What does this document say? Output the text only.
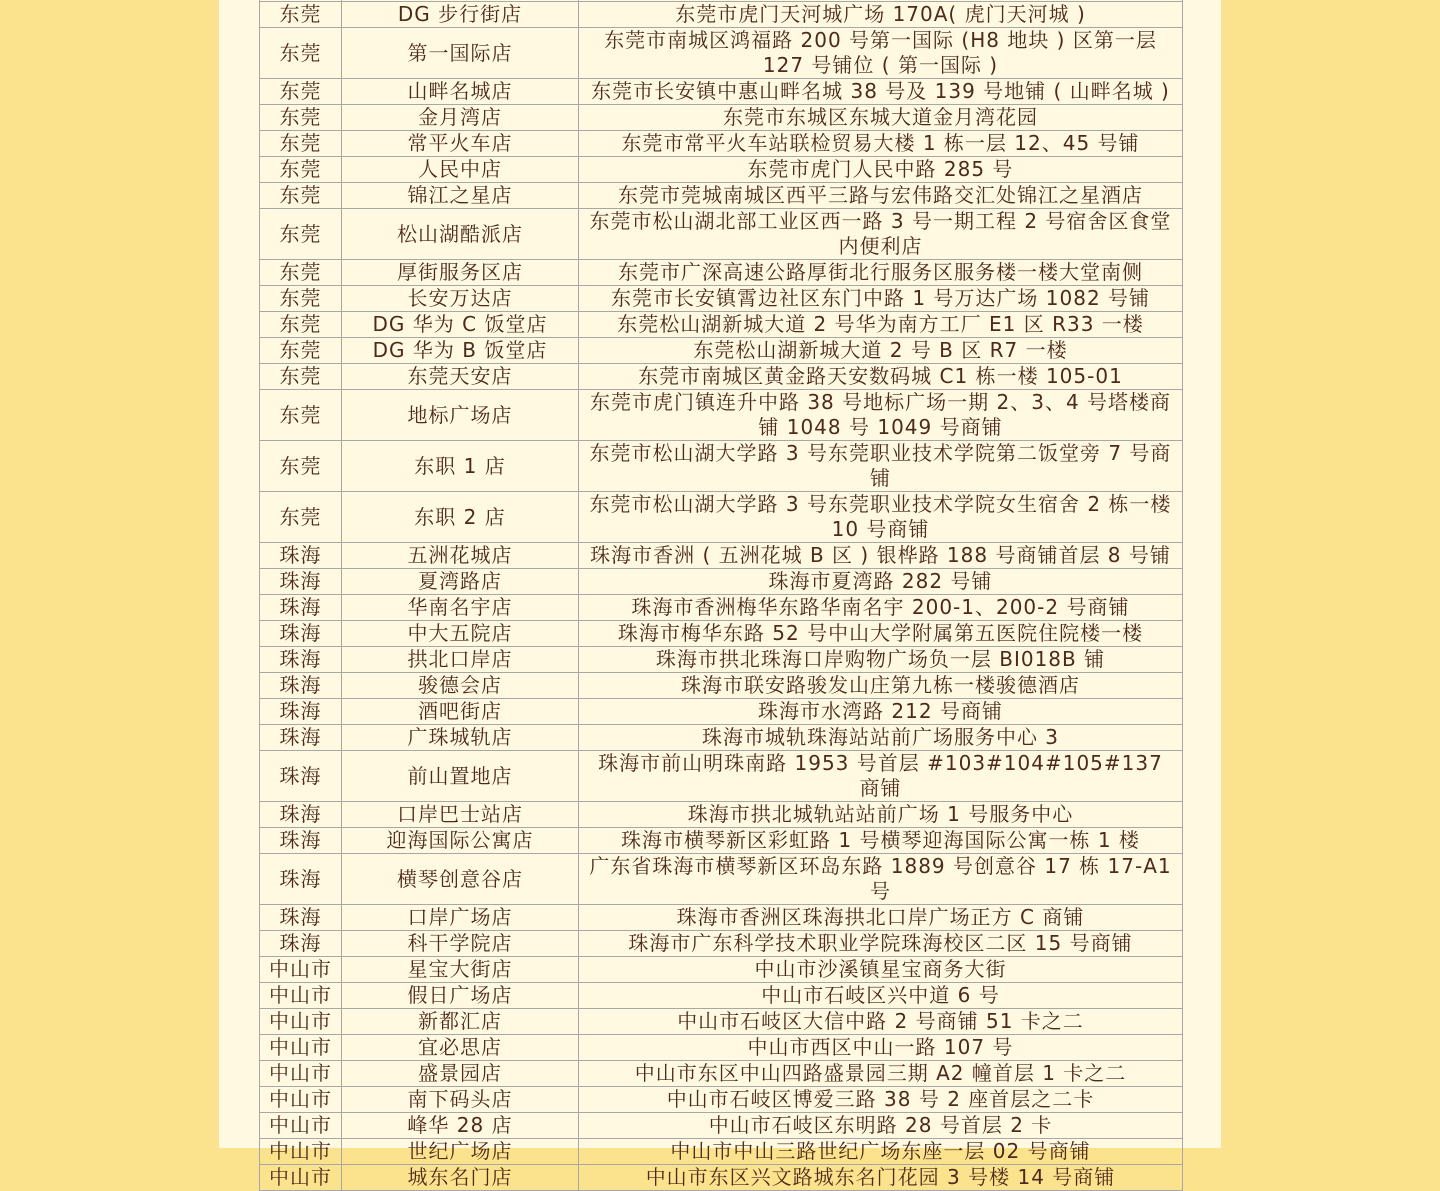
东莞	DG 步行街店	东莞市虎门天河城广场 170A( 虎门天河城 )
东莞	第一国际店	东莞市南城区鸿福路 200 号第一国际 (H8 地块 ) 区第一层 127 号铺位 ( 第一国际 )
东莞	山畔名城店	东莞市长安镇中惠山畔名城 38 号及 139 号地铺 ( 山畔名城 )
东莞	金月湾店	东莞市东城区东城大道金月湾花园
东莞	常平火车店	东莞市常平火车站联检贸易大楼 1 栋一层 12、45 号铺
东莞	人民中店	东莞市虎门人民中路 285 号
东莞	锦江之星店	东莞市莞城南城区西平三路与宏伟路交汇处锦江之星酒店
东莞	松山湖酷派店	东莞市松山湖北部工业区西一路 3 号一期工程 2 号宿舍区食堂内便利店
东莞	厚街服务区店	东莞市广深高速公路厚街北行服务区服务楼一楼大堂南侧
东莞	长安万达店	东莞市长安镇霄边社区东门中路 1 号万达广场 1082 号铺
东莞	DG 华为 C 饭堂店	东莞松山湖新城大道 2 号华为南方工厂 E1 区 R33 一楼
东莞	DG 华为 B 饭堂店	东莞松山湖新城大道 2 号 B 区 R7 一楼
东莞	东莞天安店	东莞市南城区黄金路天安数码城 C1 栋一楼 105-01
东莞	地标广场店	东莞市虎门镇连升中路 38 号地标广场一期 2、3、4 号塔楼商铺 1048 号 1049 号商铺
东莞	东职 1 店	东莞市松山湖大学路 3 号东莞职业技术学院第二饭堂旁 7 号商铺
东莞	东职 2 店	东莞市松山湖大学路 3 号东莞职业技术学院女生宿舍 2 栋一楼 10 号商铺
珠海	五洲花城店	珠海市香洲 ( 五洲花城 B 区 ) 银桦路 188 号商铺首层 8 号铺
珠海	夏湾路店	珠海市夏湾路 282 号铺
珠海	华南名宇店	珠海市香洲梅华东路华南名宇 200-1、200-2 号商铺
珠海	中大五院店	珠海市梅华东路 52 号中山大学附属第五医院住院楼一楼
珠海	拱北口岸店	珠海市拱北珠海口岸购物广场负一层 BI018B 铺
珠海	骏德会店	珠海市联安路骏发山庄第九栋一楼骏德酒店
珠海	酒吧街店	珠海市水湾路 212 号商铺
珠海	广珠城轨店	珠海市城轨珠海站站前广场服务中心 3
珠海	前山置地店	珠海市前山明珠南路 1953 号首层 #103#104#105#137 商铺
珠海	口岸巴士站店	珠海市拱北城轨站站前广场 1 号服务中心
珠海	迎海国际公寓店	珠海市横琴新区彩虹路 1 号横琴迎海国际公寓一栋 1 楼
珠海	横琴创意谷店	广东省珠海市横琴新区环岛东路 1889 号创意谷 17 栋 17-A1 号
珠海	口岸广场店	珠海市香洲区珠海拱北口岸广场正方 C 商铺
珠海	科干学院店	珠海市广东科学技术职业学院珠海校区二区 15 号商铺
中山市	星宝大街店	中山市沙溪镇星宝商务大街
中山市	假日广场店	中山市石岐区兴中道 6 号
中山市	新都汇店	中山市石岐区大信中路 2 号商铺 51 卡之二
中山市	宜必思店	中山市西区中山一路 107 号
中山市	盛景园店	中山市东区中山四路盛景园三期 A2 幢首层 1 卡之二
中山市	南下码头店	中山市石岐区博爱三路 38 号 2 座首层之二卡
中山市	峰华 28 店	中山市石岐区东明路 28 号首层 2 卡
中山市	世纪广场店	中山市中山三路世纪广场东座一层 02 号商铺
中山市	城东名门店	中山市东区兴文路城东名门花园 3 号楼 14 号商铺
